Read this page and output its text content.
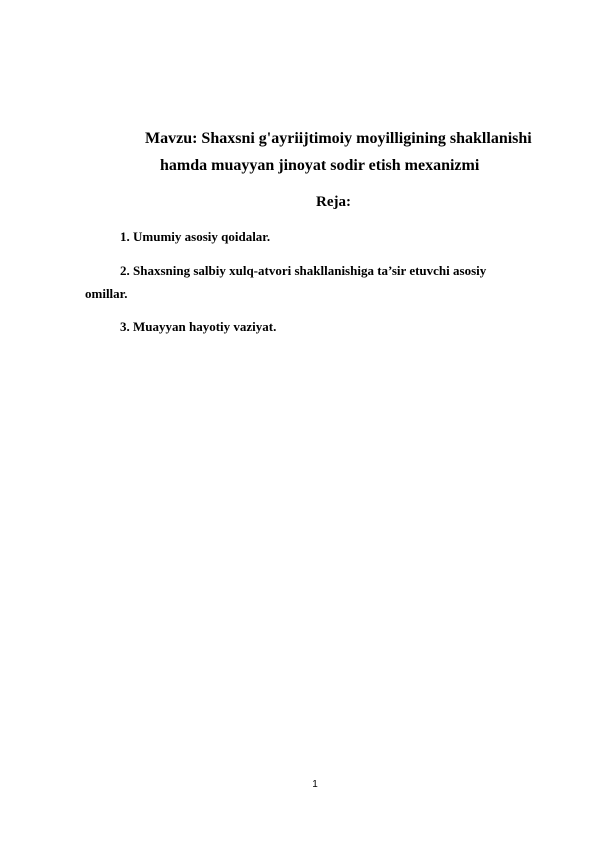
Mavzu: Shaxsni g'ayriijtimoiy moyilligining shakllanishi
hamda muayyan jinoyat sodir etish mexanizmi
Reja:
1. Umumiy asosiy qoidalar.
2. Shaxsning salbiy xulq-atvori shakllanishiga ta’sir etuvchi asosiy
omillar.
3. Muayyan hayotiy vaziyat.
1
